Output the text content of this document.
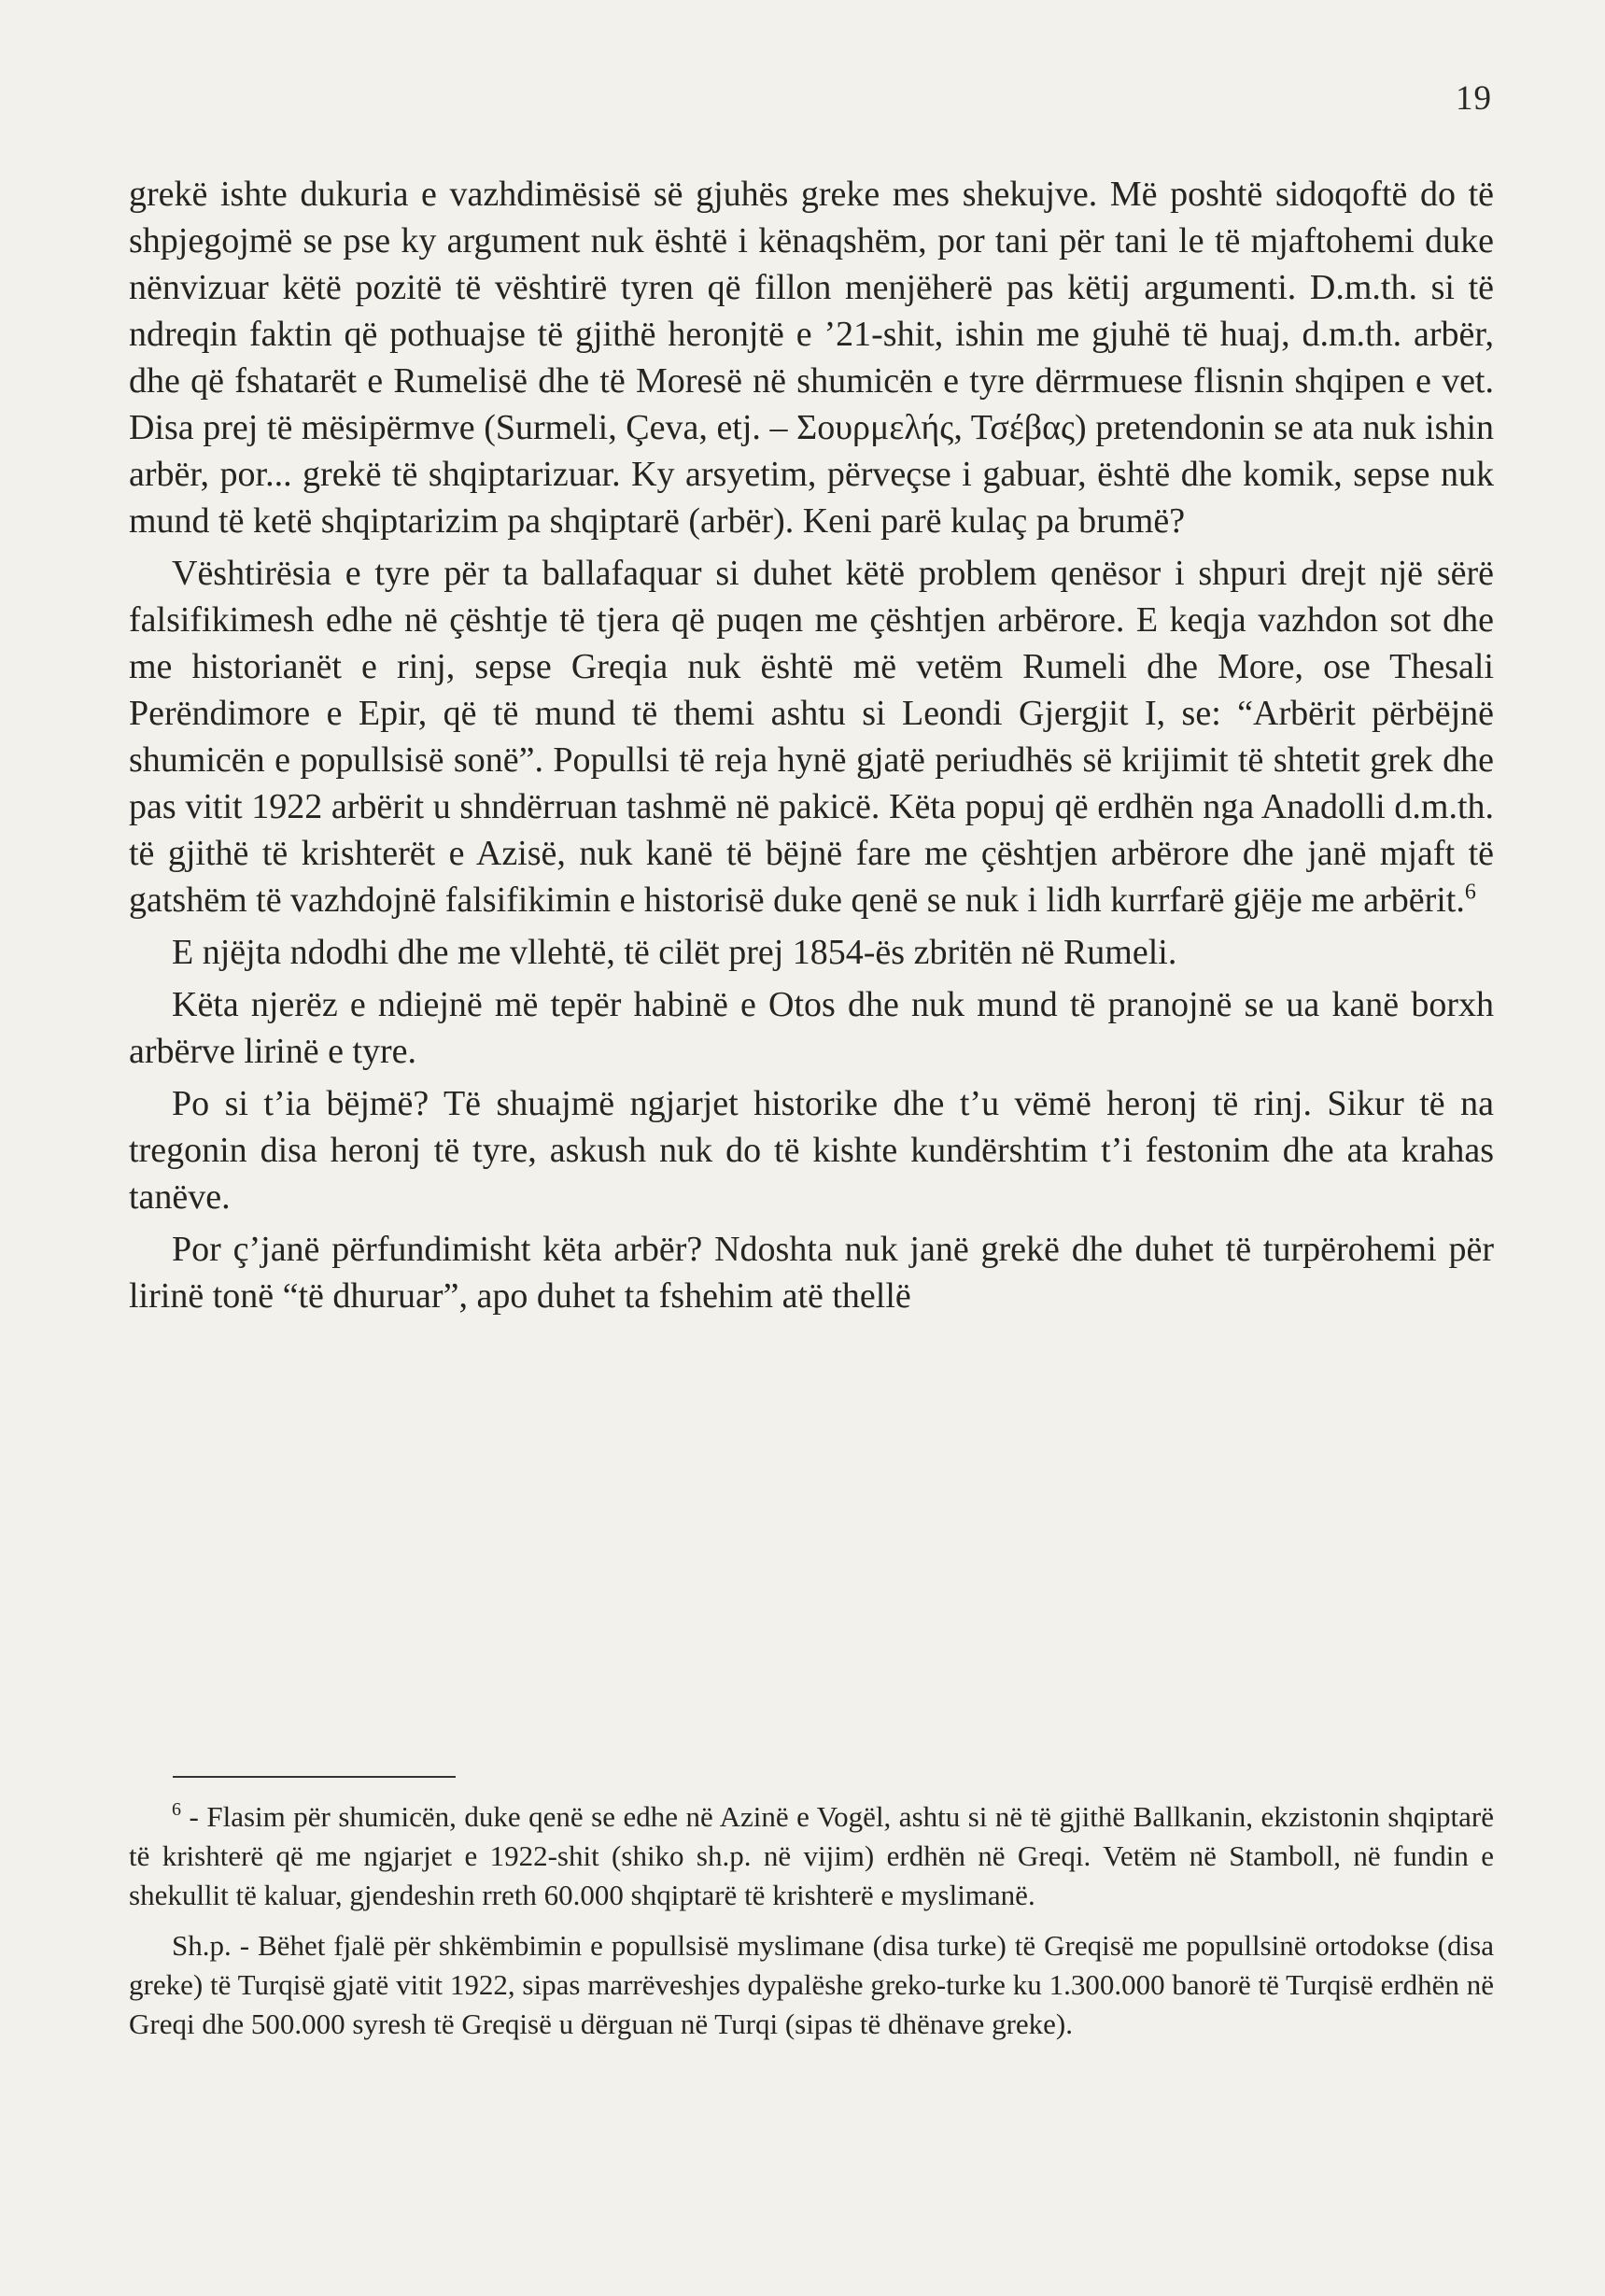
19

grekë ishte dukuria e vazhdimësisë së gjuhës greke mes shekujve. Më poshtë sidoqoftë do të shpjegojmë se pse ky argument nuk është i kënaqshëm, por tani për tani le të mjaftohemi duke nënvizuar këtë pozitë të vështirë tyren që fillon menjëherë pas këtij argumenti. D.m.th. si të ndreqin faktin që pothuajse të gjithë heronjtë e ’21-shit, ishin me gjuhë të huaj, d.m.th. arbër, dhe që fshatarët e Rumelisë dhe të Moresë në shumicën e tyre dërrmuese flisnin shqipen e vet. Disa prej të mësipërmve (Surmeli, Çeva, etj. – Σουρμελής, Τσέβας) pretendonin se ata nuk ishin arbër, por... grekë të shqiptarizuar. Ky arsyetim, përveçse i gabuar, është dhe komik, sepse nuk mund të ketë shqiptarizim pa shqiptarë (arbër). Keni parë kulaç pa brumë?

Vështirësia e tyre për ta ballafaquar si duhet këtë problem qenësor i shpuri drejt një sërë falsifikimesh edhe në çështje të tjera që puqen me çështjen arbërore. E keqja vazhdon sot dhe me historianët e rinj, sepse Greqia nuk është më vetëm Rumeli dhe More, ose Thesali Perëndimore e Epir, që të mund të themi ashtu si Leondi Gjergjit I, se: “Arbërit përbëjnë shumicën e popullsisë sonë”. Popullsi të reja hynë gjatë periudhës së krijimit të shtetit grek dhe pas vitit 1922 arbërit u shndërruan tashmë në pakicë. Këta popuj që erdhën nga Anadolli d.m.th. të gjithë të krishterët e Azisë, nuk kanë të bëjnë fare me çështjen arbërore dhe janë mjaft të gatshëm të vazhdojnë falsifikimin e historisë duke qenë se nuk i lidh kurrfarë gjëje me arbërit.$^6$

E njëjta ndodhi dhe me vllehtë, të cilët prej 1854-ës zbritën në Rumeli.

Këta njerëz e ndiejnë më tepër habinë e Otos dhe nuk mund të pranojnë se ua kanë borxh arbërve lirinë e tyre.

Po si t’ia bëjmë? Të shuajmë ngjarjet historike dhe t’u vëmë heronj të rinj. Sikur të na tregonin disa heronj të tyre, askush nuk do të kishte kundërshtim t’i festonim dhe ata krahas tanëve.

Por ç’janë përfundimisht këta arbër? Ndoshta nuk janë grekë dhe duhet të turpërohemi për lirinë tonë “të dhuruar”, apo duhet ta fshehim atë thellë

$^6$ - Flasim për shumicën, duke qenë se edhe në Azinë e Vogël, ashtu si në të gjithë Ballkanin, ekzistonin shqiptarë të krishterë që me ngjarjet e 1922-shit (shiko sh.p. në vijim) erdhën në Greqi. Vetëm në Stamboll, në fundin e shekullit të kaluar, gjendeshin rreth 60.000 shqiptarë të krishterë e myslimanë.

Sh.p. - Bëhet fjalë për shkëmbimin e popullsisë myslimane (disa turke) të Greqisë me popullsinë ortodokse (disa greke) të Turqisë gjatë vitit 1922, sipas marrëveshjes dypalëshe greko-turke ku 1.300.000 banorë të Turqisë erdhën në Greqi dhe 500.000 syresh të Greqisë u dërguan në Turqi (sipas të dhënave greke).
